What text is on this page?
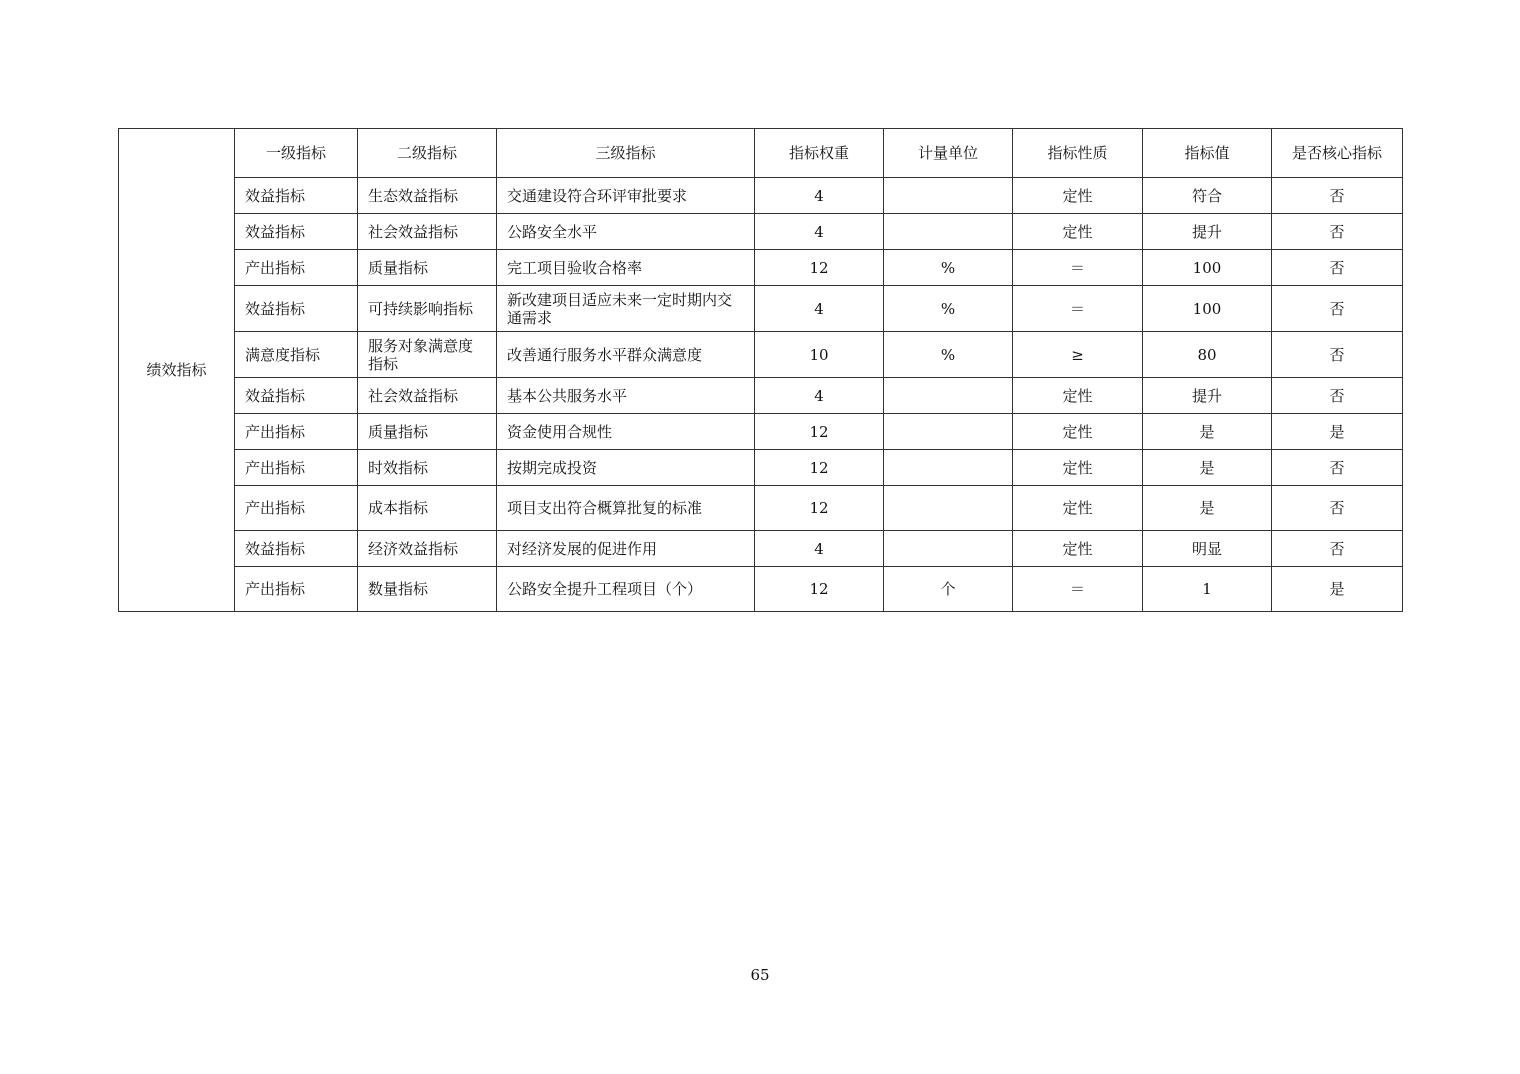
绩效指标	一级指标	二级指标	三级指标	指标权重	计量单位	指标性质	指标值	是否核心指标
	效益指标	生态效益指标	交通建设符合环评审批要求	4		定性	符合	否
	效益指标	社会效益指标	公路安全水平	4		定性	提升	否
	产出指标	质量指标	完工项目验收合格率	12	%	＝	100	否
	效益指标	可持续影响指标	新改建项目适应未来一定时期内交通需求	4	%	＝	100	否
	满意度指标	服务对象满意度指标	改善通行服务水平群众满意度	10	%	≥	80	否
	效益指标	社会效益指标	基本公共服务水平	4		定性	提升	否
	产出指标	质量指标	资金使用合规性	12		定性	是	是
	产出指标	时效指标	按期完成投资	12		定性	是	否
	产出指标	成本指标	项目支出符合概算批复的标准	12		定性	是	否
	效益指标	经济效益指标	对经济发展的促进作用	4		定性	明显	否
	产出指标	数量指标	公路安全提升工程项目（个）	12	个	＝	1	是
65
